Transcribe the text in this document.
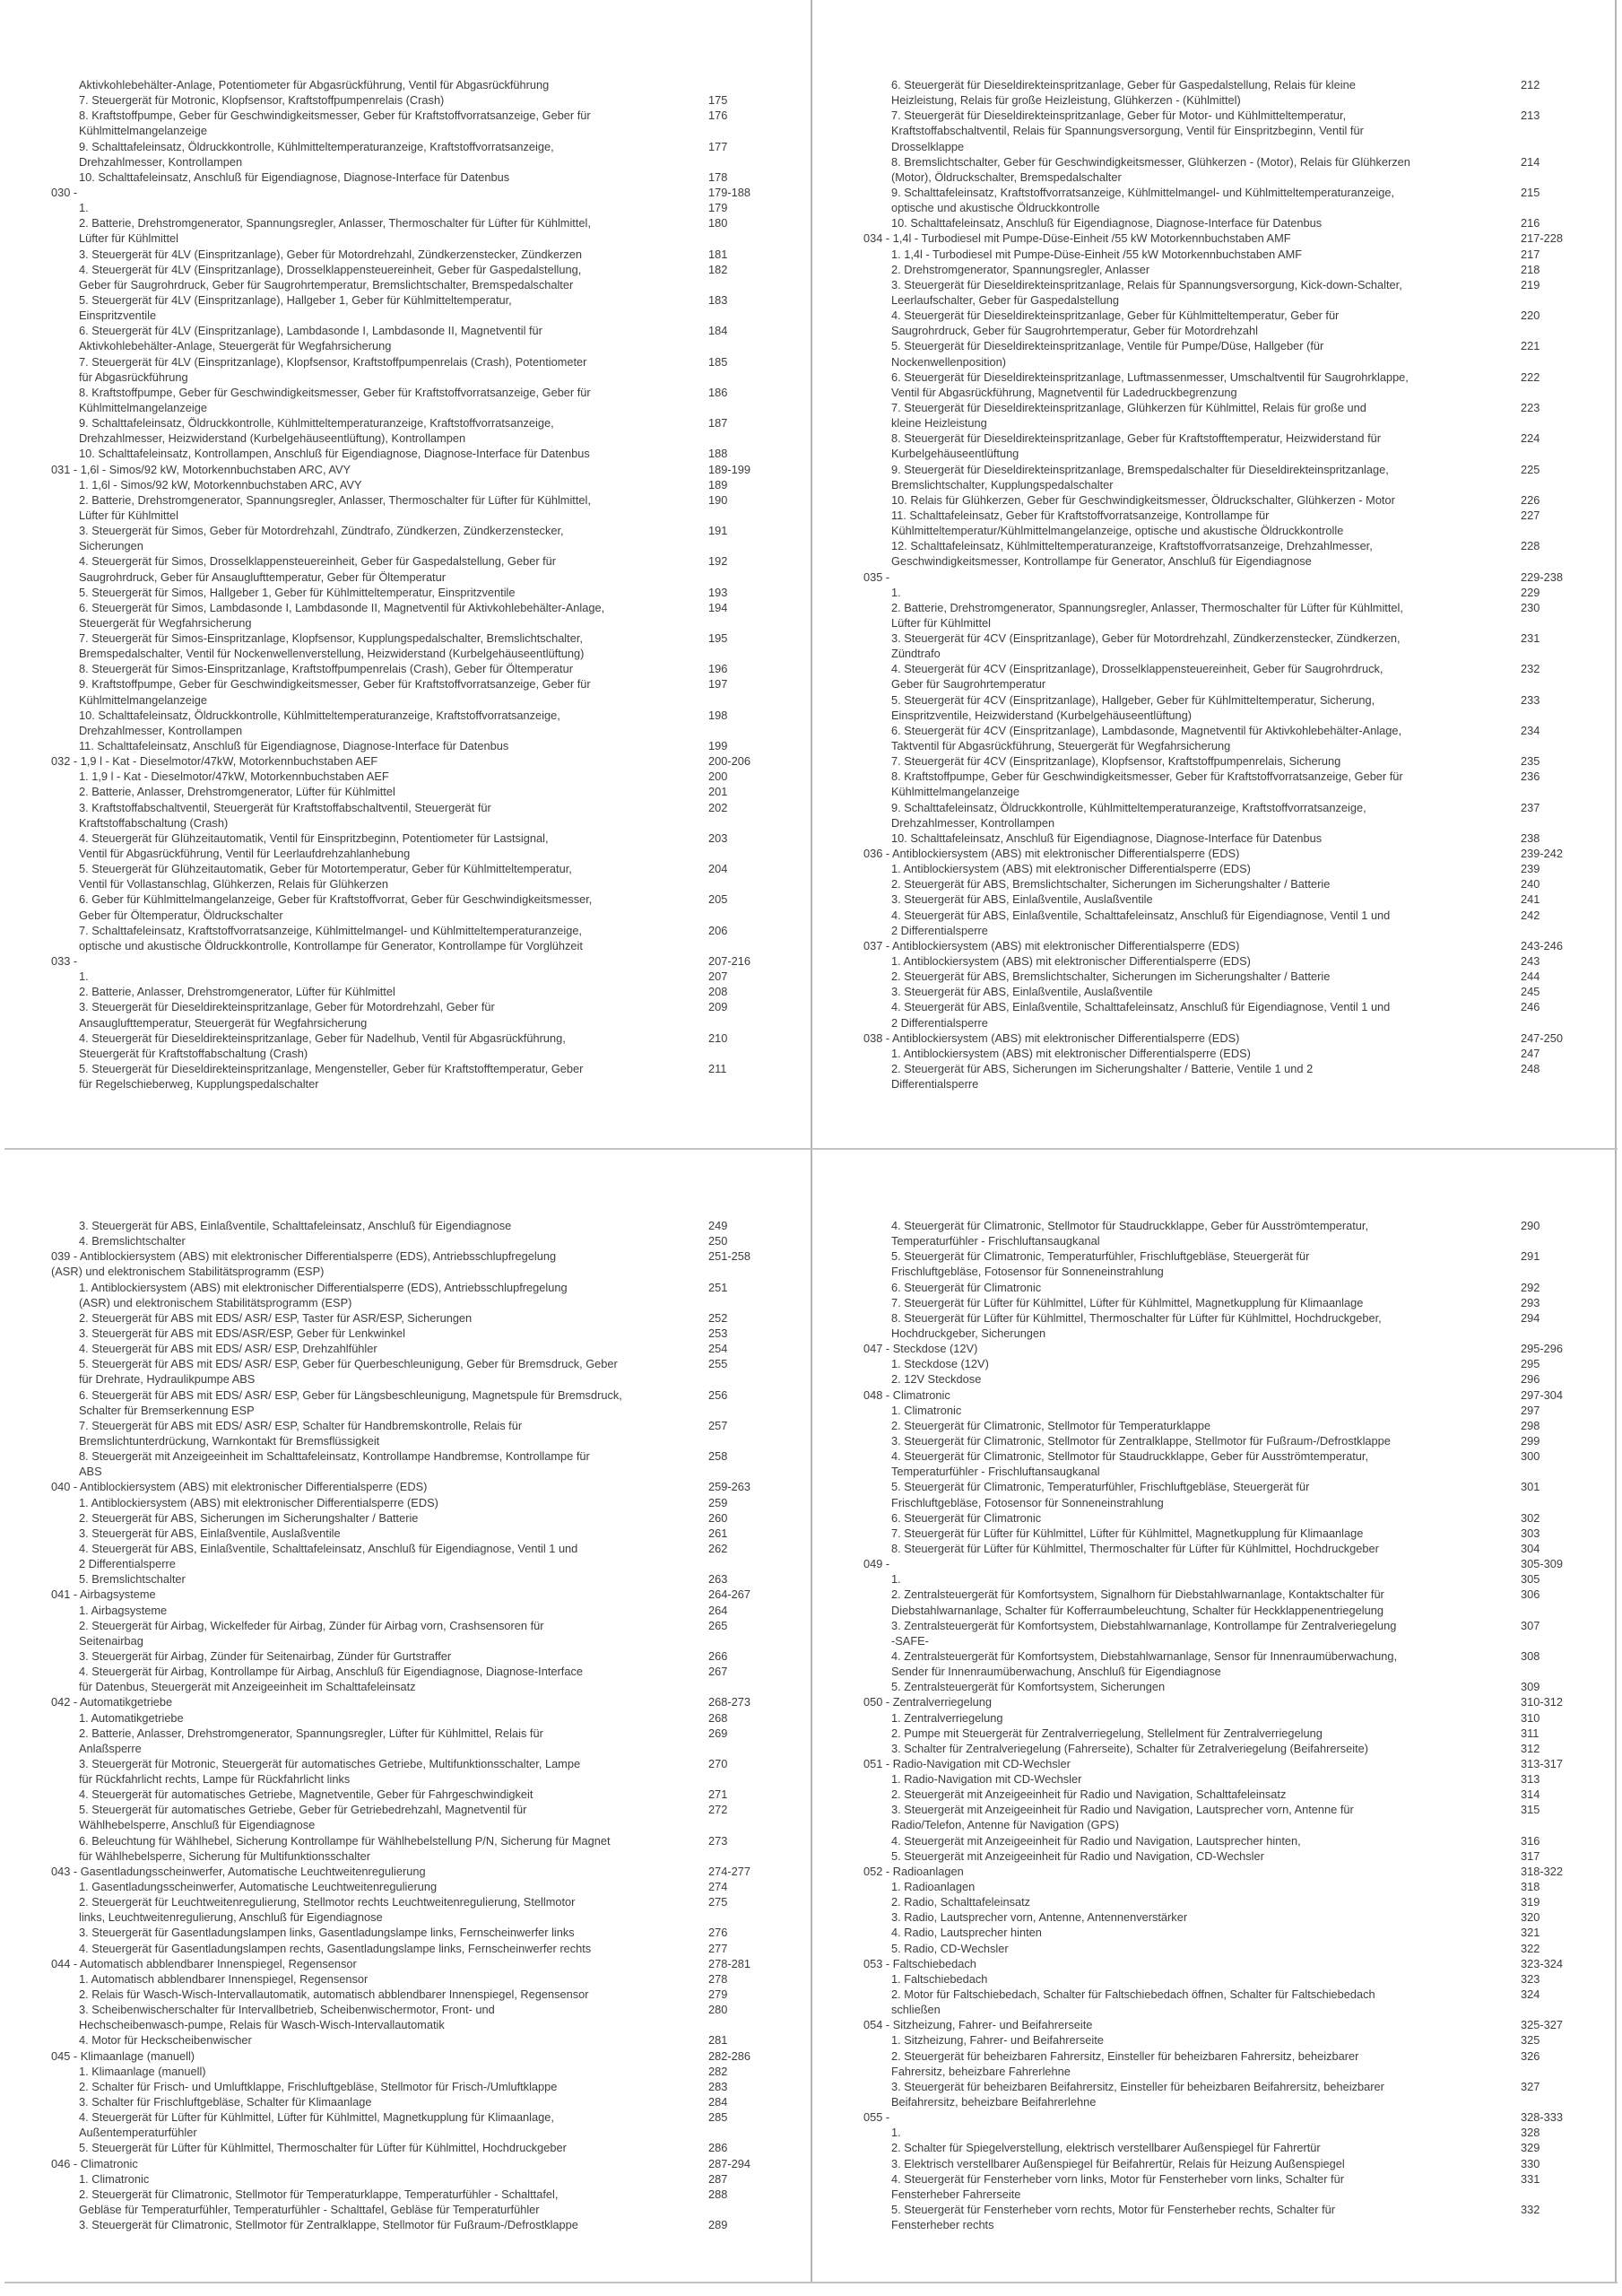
Aktivkohlebehälter-Anlage, Potentiometer für Abgasrückführung, Ventil für Abgasrückführung
7. Steuergerät für Motronic, Klopfsensor, Kraftstoffpumpenrelais (Crash)	175
8. Kraftstoffpumpe, Geber für Geschwindigkeitsmesser, Geber für Kraftstoffvorratsanzeige, Geber für	176
Kühlmittelmangelanzeige
9. Schalttafeleinsatz, Öldruckkontrolle, Kühlmitteltemperaturanzeige, Kraftstoffvorratsanzeige,	177
Drehzahlmesser, Kontrollampen
10. Schalttafeleinsatz, Anschluß für Eigendiagnose, Diagnose-Interface für Datenbus	178
030 -	179-188
1.	179
2. Batterie, Drehstromgenerator, Spannungsregler, Anlasser, Thermoschalter für Lüfter für Kühlmittel,	180
Lüfter für Kühlmittel
3. Steuergerät für 4LV (Einspritzanlage), Geber für Motordrehzahl, Zündkerzenstecker, Zündkerzen	181
4. Steuergerät für 4LV (Einspritzanlage), Drosselklappensteuereinheit, Geber für Gaspedalstellung,	182
Geber für Saugrohrdruck, Geber für Saugrohrtemperatur, Bremslichtschalter, Bremspedalschalter
5. Steuergerät für 4LV (Einspritzanlage), Hallgeber 1, Geber für Kühlmitteltemperatur,	183
Einspritzventile
6. Steuergerät für 4LV (Einspritzanlage), Lambdasonde I, Lambdasonde II, Magnetventil für	184
Aktivkohlebehälter-Anlage, Steuergerät für Wegfahrsicherung
7. Steuergerät für 4LV (Einspritzanlage), Klopfsensor, Kraftstoffpumpenrelais (Crash), Potentiometer	185
für Abgasrückführung
8. Kraftstoffpumpe, Geber für Geschwindigkeitsmesser, Geber für Kraftstoffvorratsanzeige, Geber für	186
Kühlmittelmangelanzeige
9. Schalttafeleinsatz, Öldruckkontrolle, Kühlmitteltemperaturanzeige, Kraftstoffvorratsanzeige,	187
Drehzahlmesser, Heizwiderstand (Kurbelgehäuseentlüftung), Kontrollampen
10. Schalttafeleinsatz, Kontrollampen, Anschluß für Eigendiagnose, Diagnose-Interface für Datenbus	188
031 - 1,6l - Simos/92 kW, Motorkennbuchstaben ARC, AVY	189-199
1. 1,6l - Simos/92 kW, Motorkennbuchstaben ARC, AVY	189
2. Batterie, Drehstromgenerator, Spannungsregler, Anlasser, Thermoschalter für Lüfter für Kühlmittel,	190
Lüfter für Kühlmittel
3. Steuergerät für Simos, Geber für Motordrehzahl, Zündtrafo, Zündkerzen, Zündkerzenstecker,	191
Sicherungen
4. Steuergerät für Simos, Drosselklappensteuereinheit, Geber für Gaspedalstellung, Geber für	192
Saugrohrdruck, Geber für Ansauglufttemperatur, Geber für Öltemperatur
5. Steuergerät für Simos, Hallgeber 1, Geber für Kühlmitteltemperatur, Einspritzventile	193
6. Steuergerät für Simos, Lambdasonde I, Lambdasonde II, Magnetventil für Aktivkohlebehälter-Anlage,	194
Steuergerät für Wegfahrsicherung
7. Steuergerät für Simos-Einspritzanlage, Klopfsensor, Kupplungspedalschalter, Bremslichtschalter,	195
Bremspedalschalter, Ventil für Nockenwellenverstellung, Heizwiderstand (Kurbelgehäuseentlüftung)
8. Steuergerät für Simos-Einspritzanlage, Kraftstoffpumpenrelais (Crash), Geber für Öltemperatur	196
9. Kraftstoffpumpe, Geber für Geschwindigkeitsmesser, Geber für Kraftstoffvorratsanzeige, Geber für	197
Kühlmittelmangelanzeige
10. Schalttafeleinsatz, Öldruckkontrolle, Kühlmitteltemperaturanzeige, Kraftstoffvorratsanzeige,	198
Drehzahlmesser, Kontrollampen
11. Schalttafeleinsatz, Anschluß für Eigendiagnose, Diagnose-Interface für Datenbus	199
032 - 1,9 l - Kat - Dieselmotor/47kW, Motorkennbuchstaben AEF	200-206
1. 1,9 l - Kat - Dieselmotor/47kW, Motorkennbuchstaben AEF	200
2. Batterie, Anlasser, Drehstromgenerator, Lüfter für Kühlmittel	201
3. Kraftstoffabschaltventil, Steuergerät für Kraftstoffabschaltventil, Steuergerät für	202
Kraftstoffabschaltung (Crash)
4. Steuergerät für Glühzeitautomatik, Ventil für Einspritzbeginn, Potentiometer für Lastsignal,	203
Ventil für Abgasrückführung, Ventil für Leerlaufdrehzahlanhebung
5. Steuergerät für Glühzeitautomatik, Geber für Motortemperatur, Geber für Kühlmitteltemperatur,	204
Ventil für Vollastanschlag, Glühkerzen, Relais für Glühkerzen
6. Geber für Kühlmittelmangelanzeige, Geber für Kraftstoffvorrat, Geber für Geschwindigkeitsmesser,	205
Geber für Öltemperatur, Öldruckschalter
7. Schalttafeleinsatz, Kraftstoffvorratsanzeige, Kühlmittelmangel- und Kühlmitteltemperaturanzeige,	206
optische und akustische Öldruckkontrolle, Kontrollampe für Generator, Kontrollampe für Vorglühzeit
033 -	207-216
1.	207
2. Batterie, Anlasser, Drehstromgenerator, Lüfter für Kühlmittel	208
3. Steuergerät für Dieseldirekteinspritzanlage, Geber für Motordrehzahl, Geber für	209
Ansauglufttemperatur, Steuergerät für Wegfahrsicherung
4. Steuergerät für Dieseldirekteinspritzanlage, Geber für Nadelhub, Ventil für Abgasrückführung,	210
Steuergerät für Kraftstoffabschaltung (Crash)
5. Steuergerät für Dieseldirekteinspritzanlage, Mengensteller, Geber für Kraftstofftemperatur, Geber	211
für Regelschieberweg, Kupplungspedalschalter
6. Steuergerät für Dieseldirekteinspritzanlage, Geber für Gaspedalstellung, Relais für kleine	212
Heizleistung, Relais für große Heizleistung, Glühkerzen - (Kühlmittel)
7. Steuergerät für Dieseldirekteinspritzanlage, Geber für Motor- und Kühlmitteltemperatur,	213
Kraftstoffabschaltventil, Relais für Spannungsversorgung, Ventil für Einspritzbeginn, Ventil für
Drosselklappe
8. Bremslichtschalter, Geber für Geschwindigkeitsmesser, Glühkerzen - (Motor), Relais für Glühkerzen	214
(Motor), Öldruckschalter, Bremspedalschalter
9. Schalttafeleinsatz, Kraftstoffvorratsanzeige, Kühlmittelmangel- und Kühlmitteltemperaturanzeige,	215
optische und akustische Öldruckkontrolle
10. Schalttafeleinsatz, Anschluß für Eigendiagnose, Diagnose-Interface für Datenbus	216
034 - 1,4l - Turbodiesel mit Pumpe-Düse-Einheit /55 kW Motorkennbuchstaben AMF	217-228
1. 1,4l - Turbodiesel mit Pumpe-Düse-Einheit /55 kW Motorkennbuchstaben AMF	217
2. Drehstromgenerator, Spannungsregler, Anlasser	218
3. Steuergerät für Dieseldirekteinspritzanlage, Relais für Spannungsversorgung, Kick-down-Schalter,	219
Leerlaufschalter, Geber für Gaspedalstellung
4. Steuergerät für Dieseldirekteinspritzanlage, Geber für Kühlmitteltemperatur, Geber für	220
Saugrohrdruck, Geber für Saugrohrtemperatur, Geber für Motordrehzahl
5. Steuergerät für Dieseldirekteinspritzanlage, Ventile für Pumpe/Düse, Hallgeber (für	221
Nockenwellenposition)
6. Steuergerät für Dieseldirekteinspritzanlage, Luftmassenmesser, Umschaltventil für Saugrohrklappe,	222
Ventil für Abgasrückführung, Magnetventil für Ladedruckbegrenzung
7. Steuergerät für Dieseldirekteinspritzanlage, Glühkerzen für Kühlmittel, Relais für große und	223
kleine Heizleistung
8. Steuergerät für Dieseldirekteinspritzanlage, Geber für Kraftstofftemperatur, Heizwiderstand für	224
Kurbelgehäuseentlüftung
9. Steuergerät für Dieseldirekteinspritzanlage, Bremspedalschalter für Dieseldirekteinspritzanlage,	225
Bremslichtschalter, Kupplungspedalschalter
10. Relais für Glühkerzen, Geber für Geschwindigkeitsmesser, Öldruckschalter, Glühkerzen - Motor	226
11. Schalttafeleinsatz, Geber für Kraftstoffvorratsanzeige, Kontrollampe für	227
Kühlmitteltemperatur/Kühlmittelmangelanzeige, optische und akustische Öldruckkontrolle
12. Schalttafeleinsatz, Kühlmitteltemperaturanzeige, Kraftstoffvorratsanzeige, Drehzahlmesser,	228
Geschwindigkeitsmesser, Kontrollampe für Generator, Anschluß für Eigendiagnose
035 -	229-238
1.	229
2. Batterie, Drehstromgenerator, Spannungsregler, Anlasser, Thermoschalter für Lüfter für Kühlmittel,	230
Lüfter für Kühlmittel
3. Steuergerät für 4CV (Einspritzanlage), Geber für Motordrehzahl, Zündkerzenstecker, Zündkerzen,	231
Zündtrafo
4. Steuergerät für 4CV (Einspritzanlage), Drosselklappensteuereinheit, Geber für Saugrohrdruck,	232
Geber für Saugrohrtemperatur
5. Steuergerät für 4CV (Einspritzanlage), Hallgeber, Geber für Kühlmitteltemperatur, Sicherung,	233
Einspritzventile, Heizwiderstand (Kurbelgehäuseentlüftung)
6. Steuergerät für 4CV (Einspritzanlage), Lambdasonde, Magnetventil für Aktivkohlebehälter-Anlage,	234
Taktventil für Abgasrückführung, Steuergerät für Wegfahrsicherung
7. Steuergerät für 4CV (Einspritzanlage), Klopfsensor, Kraftstoffpumpenrelais, Sicherung	235
8. Kraftstoffpumpe, Geber für Geschwindigkeitsmesser, Geber für Kraftstoffvorratsanzeige, Geber für	236
Kühlmittelmangelanzeige
9. Schalttafeleinsatz, Öldruckkontrolle, Kühlmitteltemperaturanzeige, Kraftstoffvorratsanzeige,	237
Drehzahlmesser, Kontrollampen
10. Schalttafeleinsatz, Anschluß für Eigendiagnose, Diagnose-Interface für Datenbus	238
036 - Antiblockiersystem (ABS) mit elektronischer Differentialsperre (EDS)	239-242
1. Antiblockiersystem (ABS) mit elektronischer Differentialsperre (EDS)	239
2. Steuergerät für ABS, Bremslichtschalter, Sicherungen im Sicherungshalter / Batterie	240
3. Steuergerät für ABS, Einlaßventile, Auslaßventile	241
4. Steuergerät für ABS, Einlaßventile, Schalttafeleinsatz, Anschluß für Eigendiagnose, Ventil 1 und	242
2 Differentialsperre
037 - Antiblockiersystem (ABS) mit elektronischer Differentialsperre (EDS)	243-246
1. Antiblockiersystem (ABS) mit elektronischer Differentialsperre (EDS)	243
2. Steuergerät für ABS, Bremslichtschalter, Sicherungen im Sicherungshalter / Batterie	244
3. Steuergerät für ABS, Einlaßventile, Auslaßventile	245
4. Steuergerät für ABS, Einlaßventile, Schalttafeleinsatz, Anschluß für Eigendiagnose, Ventil 1 und	246
2 Differentialsperre
038 - Antiblockiersystem (ABS) mit elektronischer Differentialsperre (EDS)	247-250
1. Antiblockiersystem (ABS) mit elektronischer Differentialsperre (EDS)	247
2. Steuergerät für ABS, Sicherungen im Sicherungshalter / Batterie, Ventile 1 und 2	248
Differentialsperre
3. Steuergerät für ABS, Einlaßventile, Schalttafeleinsatz, Anschluß für Eigendiagnose	249
4. Bremslichtschalter	250
039 - Antiblockiersystem (ABS) mit elektronischer Differentialsperre (EDS), Antriebsschlupfregelung	251-258
(ASR) und elektronischem Stabilitätsprogramm (ESP)
1. Antiblockiersystem (ABS) mit elektronischer Differentialsperre (EDS), Antriebsschlupfregelung	251
(ASR) und elektronischem Stabilitätsprogramm (ESP)
2. Steuergerät für ABS mit EDS/ ASR/ ESP, Taster für ASR/ESP, Sicherungen	252
3. Steuergerät für ABS mit EDS/ASR/ESP, Geber für Lenkwinkel	253
4. Steuergerät für ABS mit EDS/ ASR/ ESP, Drehzahlfühler	254
5. Steuergerät für ABS mit EDS/ ASR/ ESP, Geber für Querbeschleunigung, Geber für Bremsdruck, Geber	255
für Drehrate, Hydraulikpumpe ABS
6. Steuergerät für ABS mit EDS/ ASR/ ESP, Geber für Längsbeschleunigung, Magnetspule für Bremsdruck,	256
Schalter für Bremserkennung ESP
7. Steuergerät für ABS mit EDS/ ASR/ ESP, Schalter für Handbremskontrolle, Relais für	257
Bremslichtunterdrückung, Warnkontakt für Bremsflüssigkeit
8. Steuergerät mit Anzeigeeinheit im Schalttafeleinsatz, Kontrollampe Handbremse, Kontrollampe für	258
ABS
040 - Antiblockiersystem (ABS) mit elektronischer Differentialsperre (EDS)	259-263
1. Antiblockiersystem (ABS) mit elektronischer Differentialsperre (EDS)	259
2. Steuergerät für ABS, Sicherungen im Sicherungshalter / Batterie	260
3. Steuergerät für ABS, Einlaßventile, Auslaßventile	261
4. Steuergerät für ABS, Einlaßventile, Schalttafeleinsatz, Anschluß für Eigendiagnose, Ventil 1 und	262
2 Differentialsperre
5. Bremslichtschalter	263
041 - Airbagsysteme	264-267
1. Airbagsysteme	264
2. Steuergerät für Airbag, Wickelfeder für Airbag, Zünder für Airbag vorn, Crashsensoren für	265
Seitenairbag
3. Steuergerät für Airbag, Zünder für Seitenairbag, Zünder für Gurtstraffer	266
4. Steuergerät für Airbag, Kontrollampe für Airbag, Anschluß für Eigendiagnose, Diagnose-Interface	267
für Datenbus, Steuergerät mit Anzeigeeinheit im Schalttafeleinsatz
042 - Automatikgetriebe	268-273
1. Automatikgetriebe	268
2. Batterie, Anlasser, Drehstromgenerator, Spannungsregler, Lüfter für Kühlmittel, Relais für	269
Anlaßsperre
3. Steuergerät für Motronic, Steuergerät für automatisches Getriebe, Multifunktionsschalter, Lampe	270
für Rückfahrlicht rechts, Lampe für Rückfahrlicht links
4. Steuergerät für automatisches Getriebe, Magnetventile, Geber für Fahrgeschwindigkeit	271
5. Steuergerät für automatisches Getriebe, Geber für Getriebedrehzahl, Magnetventil für	272
Wählhebelsperre, Anschluß für Eigendiagnose
6. Beleuchtung für Wählhebel, Sicherung Kontrollampe für Wählhebelstellung P/N, Sicherung für Magnet	273
für Wählhebelsperre, Sicherung für Multifunktionsschalter
043 - Gasentladungsscheinwerfer, Automatische Leuchtweitenregulierung	274-277
1. Gasentladungsscheinwerfer, Automatische Leuchtweitenregulierung	274
2. Steuergerät für Leuchtweitenregulierung, Stellmotor rechts Leuchtweitenregulierung, Stellmotor	275
links, Leuchtweitenregulierung, Anschluß für Eigendiagnose
3. Steuergerät für Gasentladungslampen links, Gasentladungslampe links, Fernscheinwerfer links	276
4. Steuergerät für Gasentladungslampen rechts, Gasentladungslampe links, Fernscheinwerfer rechts	277
044 - Automatisch abblendbarer Innenspiegel, Regensensor	278-281
1. Automatisch abblendbarer Innenspiegel, Regensensor	278
2. Relais für Wasch-Wisch-Intervallautomatik, automatisch abblendbarer Innenspiegel, Regensensor	279
3. Scheibenwischerschalter für Intervallbetrieb, Scheibenwischermotor, Front- und	280
Hechscheibenwasch-pumpe, Relais für Wasch-Wisch-Intervallautomatik
4. Motor für Heckscheibenwischer	281
045 - Klimaanlage (manuell)	282-286
1. Klimaanlage (manuell)	282
2. Schalter für Frisch- und Umluftklappe, Frischluftgebläse, Stellmotor für Frisch-/Umluftklappe	283
3. Schalter für Frischluftgebläse, Schalter für Klimaanlage	284
4. Steuergerät für Lüfter für Kühlmittel, Lüfter für Kühlmittel, Magnetkupplung für Klimaanlage,	285
Außentemperaturfühler
5. Steuergerät für Lüfter für Kühlmittel, Thermoschalter für Lüfter für Kühlmittel, Hochdruckgeber	286
046 - Climatronic	287-294
1. Climatronic	287
2. Steuergerät für Climatronic, Stellmotor für Temperaturklappe, Temperaturfühler - Schalttafel,	288
Gebläse für Temperaturfühler, Temperaturfühler - Schalttafel, Gebläse für Temperaturfühler
3. Steuergerät für Climatronic, Stellmotor für Zentralklappe, Stellmotor für Fußraum-/Defrostklappe	289
4. Steuergerät für Climatronic, Stellmotor für Staudruckklappe, Geber für Ausströmtemperatur,	290
Temperaturfühler - Frischluftansaugkanal
5. Steuergerät für Climatronic, Temperaturfühler, Frischluftgebläse, Steuergerät für	291
Frischluftgebläse, Fotosensor für Sonneneinstrahlung
6. Steuergerät für Climatronic	292
7. Steuergerät für Lüfter für Kühlmittel, Lüfter für Kühlmittel, Magnetkupplung für Klimaanlage	293
8. Steuergerät für Lüfter für Kühlmittel, Thermoschalter für Lüfter für Kühlmittel, Hochdruckgeber,	294
Hochdruckgeber, Sicherungen
047 - Steckdose (12V)	295-296
1. Steckdose (12V)	295
2. 12V Steckdose	296
048 - Climatronic	297-304
1. Climatronic	297
2. Steuergerät für Climatronic, Stellmotor für Temperaturklappe	298
3. Steuergerät für Climatronic, Stellmotor für Zentralklappe, Stellmotor für Fußraum-/Defrostklappe	299
4. Steuergerät für Climatronic, Stellmotor für Staudruckklappe, Geber für Ausströmtemperatur,	300
Temperaturfühler - Frischluftansaugkanal
5. Steuergerät für Climatronic, Temperaturfühler, Frischluftgebläse, Steuergerät für	301
Frischluftgebläse, Fotosensor für Sonneneinstrahlung
6. Steuergerät für Climatronic	302
7. Steuergerät für Lüfter für Kühlmittel, Lüfter für Kühlmittel, Magnetkupplung für Klimaanlage	303
8. Steuergerät für Lüfter für Kühlmittel, Thermoschalter für Lüfter für Kühlmittel, Hochdruckgeber	304
049 -	305-309
1.	305
2. Zentralsteuergerät für Komfortsystem, Signalhorn für Diebstahlwarnanlage, Kontaktschalter für	306
Diebstahlwarnanlage, Schalter für Kofferraumbeleuchtung, Schalter für Heckklappenentriegelung
3. Zentralsteuergerät für Komfortsystem, Diebstahlwarnanlage, Kontrollampe für Zentralveriegelung	307
-SAFE-
4. Zentralsteuergerät für Komfortsystem, Diebstahlwarnanlage, Sensor für Innenraumüberwachung,	308
Sender für Innenraumüberwachung, Anschluß für Eigendiagnose
5. Zentralsteuergerät für Komfortsystem, Sicherungen	309
050 - Zentralverriegelung	310-312
1. Zentralverriegelung	310
2. Pumpe mit Steuergerät für Zentralverriegelung, Stellelment für Zentralverriegelung	311
3. Schalter für Zentralveriegelung (Fahrerseite), Schalter für Zetralveriegelung (Beifahrerseite)	312
051 - Radio-Navigation mit CD-Wechsler	313-317
1. Radio-Navigation mit CD-Wechsler	313
2. Steuergerät mit Anzeigeeinheit für Radio und Navigation, Schalttafeleinsatz	314
3. Steuergerät mit Anzeigeeinheit für Radio und Navigation, Lautsprecher vorn, Antenne für	315
Radio/Telefon, Antenne für Navigation (GPS)
4. Steuergerät mit Anzeigeeinheit für Radio und Navigation, Lautsprecher hinten,	316
5. Steuergerät mit Anzeigeeinheit für Radio und Navigation, CD-Wechsler	317
052 - Radioanlagen	318-322
1. Radioanlagen	318
2. Radio, Schalttafeleinsatz	319
3. Radio, Lautsprecher vorn, Antenne, Antennenverstärker	320
4. Radio, Lautsprecher hinten	321
5. Radio, CD-Wechsler	322
053 - Faltschiebedach	323-324
1. Faltschiebedach	323
2. Motor für Faltschiebedach, Schalter für Faltschiebedach öffnen, Schalter für Faltschiebedach	324
schließen
054 - Sitzheizung, Fahrer- und Beifahrerseite	325-327
1. Sitzheizung, Fahrer- und Beifahrerseite	325
2. Steuergerät für beheizbaren Fahrersitz, Einsteller für beheizbaren Fahrersitz, beheizbarer	326
Fahrersitz, beheizbare Fahrerlehne
3. Steuergerät für beheizbaren Beifahrersitz, Einsteller für beheizbaren Beifahrersitz, beheizbarer	327
Beifahrersitz, beheizbare Beifahrerlehne
055 -	328-333
1.	328
2. Schalter für Spiegelverstellung, elektrisch verstellbarer Außenspiegel für Fahrertür	329
3. Elektrisch verstellbarer Außenspiegel für Beifahrertür, Relais für Heizung Außenspiegel	330
4. Steuergerät für Fensterheber vorn links, Motor für Fensterheber vorn links, Schalter für	331
Fensterheber Fahrerseite
5. Steuergerät für Fensterheber vorn rechts, Motor für Fensterheber rechts, Schalter für	332
Fensterheber rechts
